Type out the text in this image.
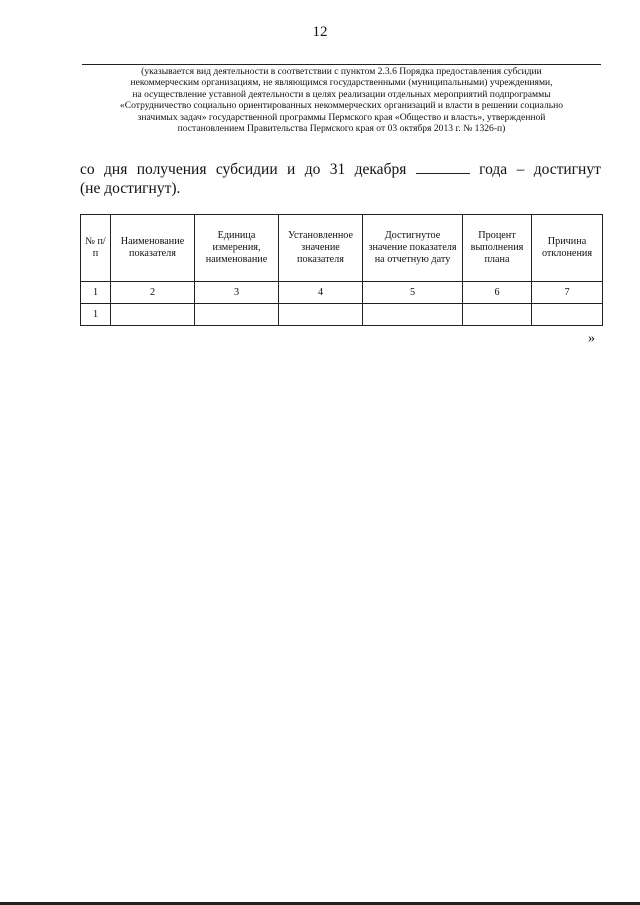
12
(указывается вид деятельности в соответствии с пунктом 2.3.6 Порядка предоставления субсидии
некоммерческим организациям, не являющимся государственными (муниципальными) учреждениями,
на осуществление уставной деятельности в целях реализации отдельных мероприятий подпрограммы
«Сотрудничество социально ориентированных некоммерческих организаций и власти в решении социально
значимых задач» государственной программы Пермского края «Общество и власть», утвержденной
постановлением Правительства Пермского края от 03 октября 2013 г. № 1326-п)
со дня получения субсидии и до 31 декабря	года – достигнут
(не достигнут).
№ п/п	Наименование показателя	Единица измерения, наименование	Установленное значение показателя	Достигнутое значение показателя на отчетную дату	Процент выполнения плана	Причина отклонения
1	2	3	4	5	6	7
1						
»
